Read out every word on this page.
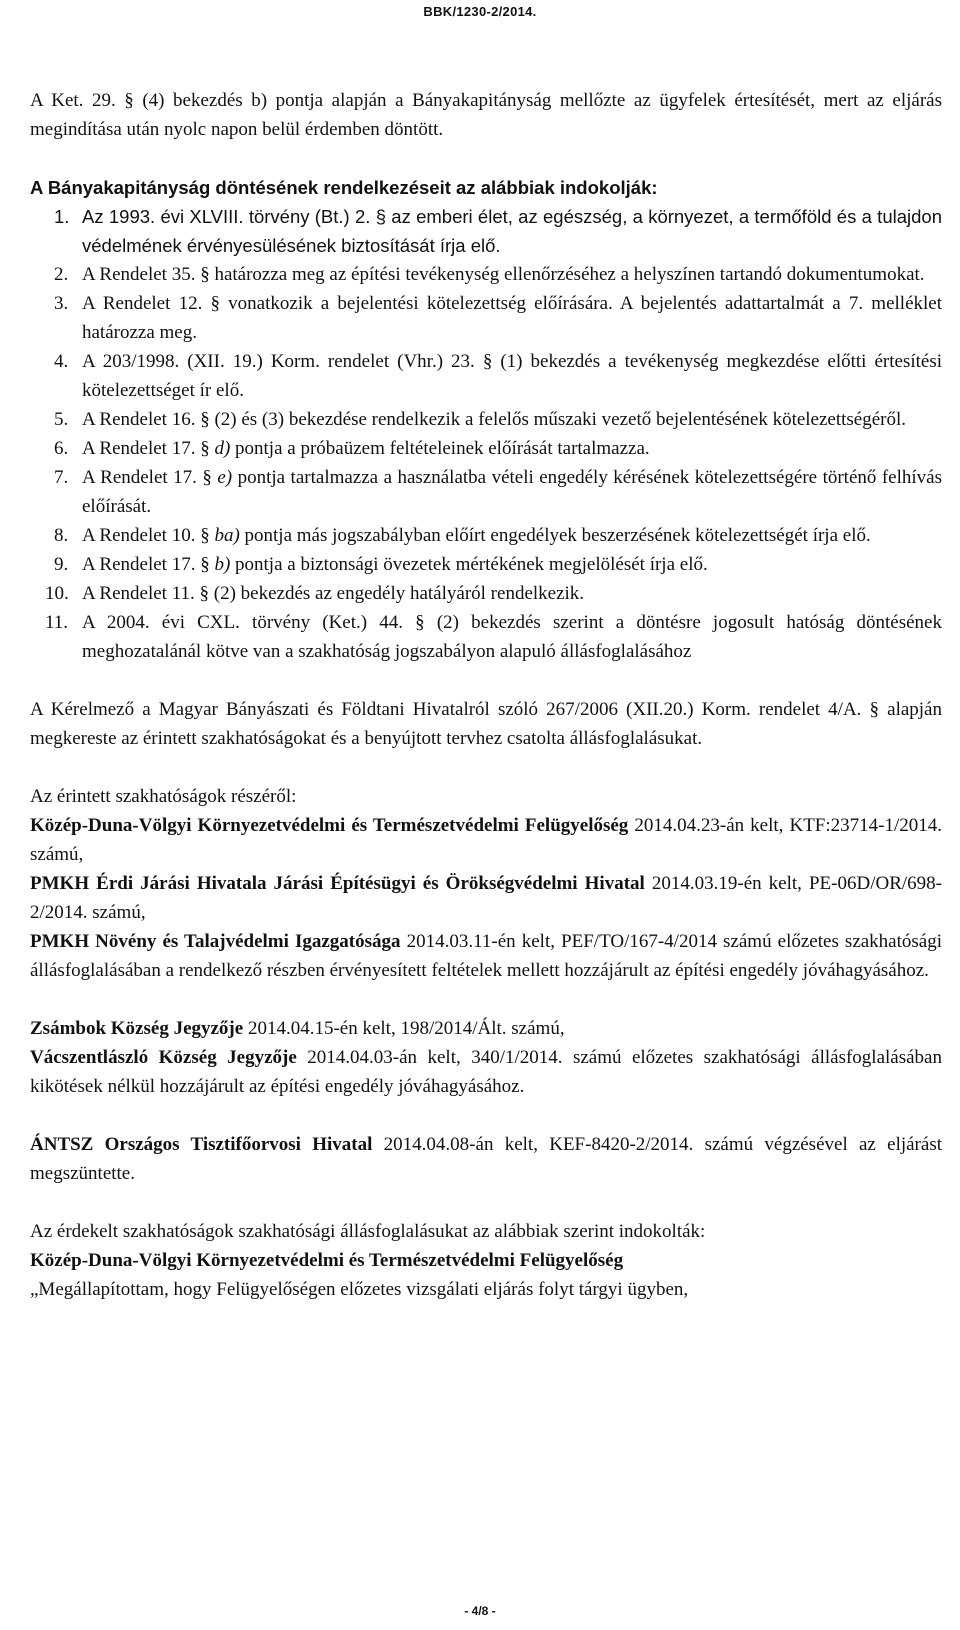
BBK/1230-2/2014.

A Ket. 29. § (4) bekezdés b) pontja alapján a Bányakapitányság mellőzte az ügyfelek értesítését, mert az eljárás megindítása után nyolc napon belül érdemben döntött.

A Bányakapitányság döntésének rendelkezéseit az alábbiak indokolják:

1. Az 1993. évi XLVIII. törvény (Bt.) 2. § az emberi élet, az egészség, a környezet, a termőföld és a tulajdon védelmének érvényesülésének biztosítását írja elő.
2. A Rendelet 35. § határozza meg az építési tevékenység ellenőrzéséhez a helyszínen tartandó dokumentumokat.
3. A Rendelet 12. § vonatkozik a bejelentési kötelezettség előírására. A bejelentés adattartalmát a 7. melléklet határozza meg.
4. A 203/1998. (XII. 19.) Korm. rendelet (Vhr.) 23. § (1) bekezdés a tevékenység megkezdése előtti értesítési kötelezettséget ír elő.
5. A Rendelet 16. § (2) és (3) bekezdése rendelkezik a felelős műszaki vezető bejelentésének kötelezettségéről.
6. A Rendelet 17. § d) pontja a próbaüzem feltételeinek előírását tartalmazza.
7. A Rendelet 17. § e) pontja tartalmazza a használatba vételi engedély kérésének kötelezettségére történő felhívás előírását.
8. A Rendelet 10. § ba) pontja más jogszabályban előírt engedélyek beszerzésének kötelezettségét írja elő.
9. A Rendelet 17. § b) pontja a biztonsági övezetek mértékének megjelölését írja elő.
10. A Rendelet 11. § (2) bekezdés az engedély hatályáról rendelkezik.
11. A 2004. évi CXL. törvény (Ket.) 44. § (2) bekezdés szerint a döntésre jogosult hatóság döntésének meghozatalánál kötve van a szakhatóság jogszabályon alapuló állásfoglalásához

A Kérelmező a Magyar Bányászati és Földtani Hivatalról szóló 267/2006 (XII.20.) Korm. rendelet 4/A. § alapján megkereste az érintett szakhatóságokat és a benyújtott tervhez csatolta állásfoglalásukat.

Az érintett szakhatóságok részéről:

Közép-Duna-Völgyi Környezetvédelmi és Természetvédelmi Felügyelőség 2014.04.23-án kelt, KTF:23714-1/2014. számú,

PMKH Érdi Járási Hivatala Járási Építésügyi és Örökségvédelmi Hivatal 2014.03.19-én kelt, PE-06D/OR/698-2/2014. számú,

PMKH Növény és Talajvédelmi Igazgatósága 2014.03.11-én kelt, PEF/TO/167-4/2014 számú előzetes szakhatósági állásfoglalásában a rendelkező részben érvényesített feltételek mellett hozzájárult az építési engedély jóváhagyásához.

Zsámbok Község Jegyzője 2014.04.15-én kelt, 198/2014/Ált. számú,

Vácszentlászló Község Jegyzője 2014.04.03-án kelt, 340/1/2014. számú előzetes szakhatósági állásfoglalásában kikötések nélkül hozzájárult az építési engedély jóváhagyásához.

ÁNTSZ Országos Tisztifőorvosi Hivatal 2014.04.08-án kelt, KEF-8420-2/2014. számú végzésével az eljárást megszüntette.

Az érdekelt szakhatóságok szakhatósági állásfoglalásukat az alábbiak szerint indokolták:

Közép-Duna-Völgyi Környezetvédelmi és Természetvédelmi Felügyelőség

„Megállapítottam, hogy Felügyelőségen előzetes vizsgálati eljárás folyt tárgyi ügyben,

- 4/8 -
